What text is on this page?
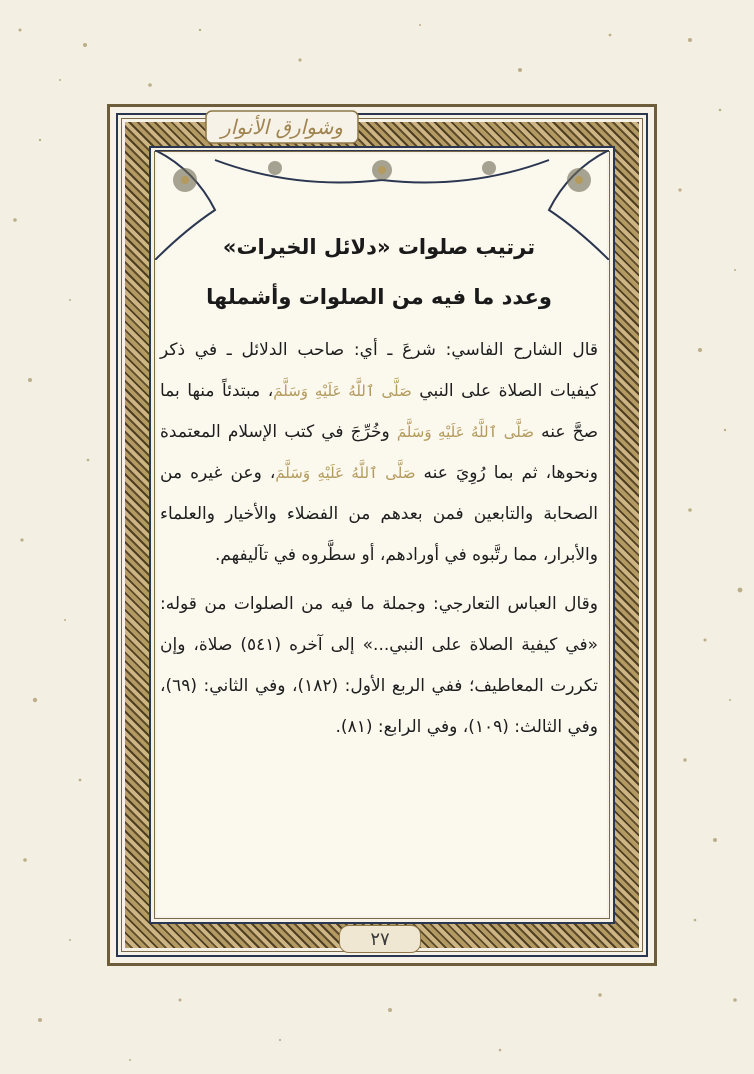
وشوارق الأنوار
ترتيب صلوات «دلائل الخيرات»
وعدد ما فيه من الصلوات وأشملها

قال الشارح الفاسي: شرعَ ـ أي: صاحب الدلائل ـ في ذكر كيفيات الصلاة على النبي صَلَّى ٱللَّهُ عَلَيْهِ وَسَلَّمَ، مبتدئاً منها بما صحَّ عنه صَلَّى ٱللَّهُ عَلَيْهِ وَسَلَّمَ وخُرِّجَ في كتب الإسلام المعتمدة ونحوها، ثم بما رُوِيَ عنه صَلَّى ٱللَّهُ عَلَيْهِ وَسَلَّمَ، وعن غيره من الصحابة والتابعين فمن بعدهم من الفضلاء والأخيار والعلماء والأبرار، مما رتَّبوه في أورادهم، أو سطَّروه في تآليفهم.

وقال العباس التعارجي: وجملة ما فيه من الصلوات من قوله: «في كيفية الصلاة على النبي...» إلى آخره (٥٤١) صلاة، وإن تكررت المعاطيف؛ ففي الربع الأول: (١٨٢)، وفي الثاني: (٦٩)، وفي الثالث: (١٠٩)، وفي الرابع: (٨١).

٢٧
